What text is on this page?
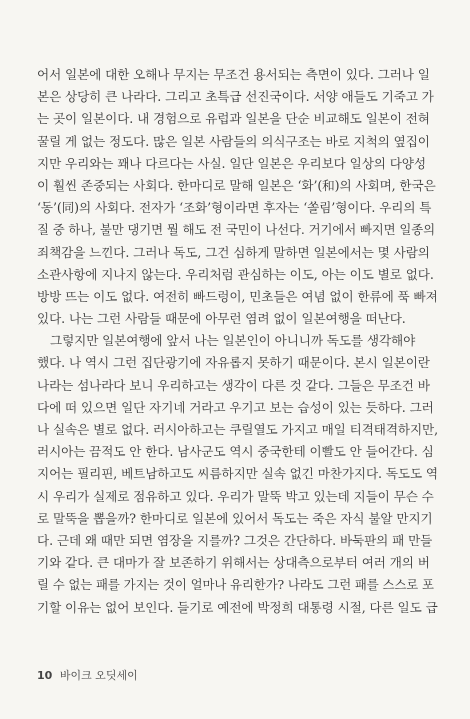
어서 일본에 대한 오해나 무지는 무조건 용서되는 측면이 있다. 그러나 일
본은 상당히 큰 나라다. 그리고 초특급 선진국이다. 서양 애들도 기죽고 가
는 곳이 일본이다. 내 경험으로 유럽과 일본을 단순 비교해도 일본이 전혀
꿀릴 게 없는 정도다. 많은 일본 사람들의 의식구조는 바로 지척의 옆집이
지만 우리와는 꽤나 다르다는 사실. 일단 일본은 우리보다 일상의 다양성
이 훨씬 존중되는 사회다. 한마디로 말해 일본은 ‘화’(和)의 사회며, 한국은
‘동’(同)의 사회다. 전자가 ‘조화’형이라면 후자는 ‘쏠림’형이다. 우리의 특
질 중 하나, 불만 댕기면 뭘 해도 전 국민이 나선다. 거기에서 빠지면 일종의
죄책감을 느낀다. 그러나 독도, 그건 심하게 말하면 일본에서는 몇 사람의
소관사항에 지나지 않는다. 우리처럼 관심하는 이도, 아는 이도 별로 없다.
방방 뜨는 이도 없다. 여전히 빠드렁이, 민초들은 여념 없이 한류에 푹 빠져
있다. 나는 그런 사람들 때문에 아무런 염려 없이 일본여행을 떠난다.
그렇지만 일본여행에 앞서 나는 일본인이 아니니까 독도를 생각해야
했다. 나 역시 그런 집단광기에 자유롭지 못하기 때문이다. 본시 일본이란
나라는 섬나라다 보니 우리하고는 생각이 다른 것 같다. 그들은 무조건 바
다에 떠 있으면 일단 자기네 거라고 우기고 보는 습성이 있는 듯하다. 그러
나 실속은 별로 없다. 러시아하고는 쿠릴열도 가지고 매일 티격태격하지만,
러시아는 끔적도 안 한다. 남사군도 역시 중국한테 이빨도 안 들어간다. 심
지어는 필리핀, 베트남하고도 씨름하지만 실속 없긴 마찬가지다. 독도도 역
시 우리가 실제로 점유하고 있다. 우리가 말뚝 박고 있는데 지들이 무슨 수
로 말뚝을 뽑을까? 한마디로 일본에 있어서 독도는 죽은 자식 불알 만지기
다. 근데 왜 때만 되면 염장을 지를까? 그것은 간단하다. 바둑판의 패 만들
기와 같다. 큰 대마가 잘 보존하기 위해서는 상대측으로부터 여러 개의 버
릴 수 없는 패를 가지는 것이 얼마나 유리한가? 나라도 그런 패를 스스로 포
기할 이유는 없어 보인다. 들기로 예전에 박정희 대통령 시절, 다른 일도 급
10 바이크 오딧세이
